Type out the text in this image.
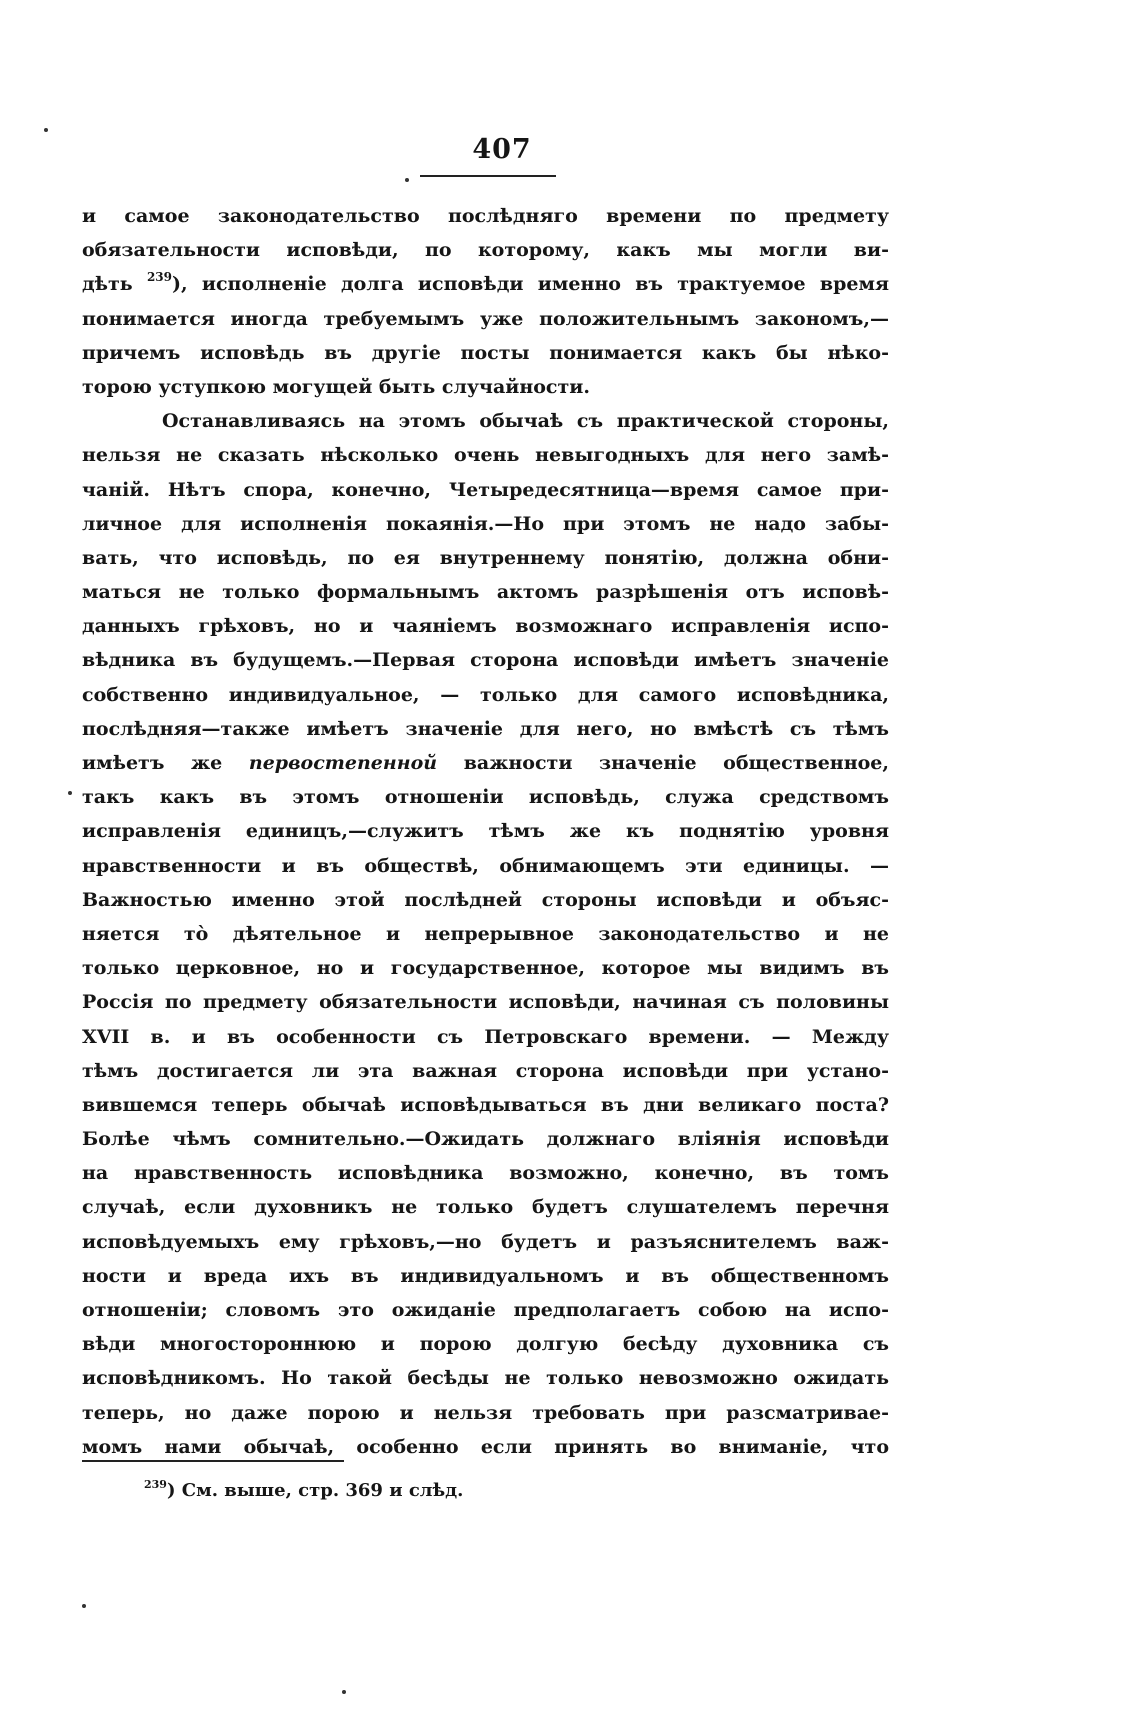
407
и самое законодательство послѣдняго времени по предмету
обязательности исповѣди, по которому, какъ мы могли ви-
дѣть $^{239}$), исполненіе долга исповѣди именно въ трактуемое время
понимается иногда требуемымъ уже положительнымъ закономъ,—
причемъ исповѣдь въ другіе посты понимается какъ бы нѣко-
торою уступкою могущей быть случайности.
Останавливаясь на этомъ обычаѣ съ практической стороны,
нельзя не сказать нѣсколько очень невыгодныхъ для него замѣ-
чаній. Нѣтъ спора, конечно, Четыредесятница—время самое при-
личное для исполненія покаянія.—Но при этомъ не надо забы-
вать, что исповѣдь, по ея внутреннему понятію, должна обни-
маться не только формальнымъ актомъ разрѣшенія отъ исповѣ-
данныхъ грѣховъ, но и чаяніемъ возможнаго исправленія испо-
вѣдника въ будущемъ.—Первая сторона исповѣди имѣетъ значеніе
собственно индивидуальное, — только для самого исповѣдника,
послѣдняя—также имѣетъ значеніе для него, но вмѣстѣ съ тѣмъ
имѣетъ же первостепенной важности значеніе общественное,
такъ какъ въ этомъ отношеніи исповѣдь, служа средствомъ
исправленія единицъ,—служитъ тѣмъ же къ поднятію уровня
нравственности и въ обществѣ, обнимающемъ эти единицы. —
Важностью именно этой послѣдней стороны исповѣди и объяс-
няется тò дѣятельное и непрерывное законодательство и не
только церковное, но и государственное, которое мы видимъ въ
Россія по предмету обязательности исповѣди, начиная съ половины
XVII в. и въ особенности съ Петровскаго времени. — Между
тѣмъ достигается ли эта важная сторона исповѣди при устано-
вившемся теперь обычаѣ исповѣдываться въ дни великаго поста?
Болѣе чѣмъ сомнительно.—Ожидать должнаго вліянія исповѣди
на нравственность исповѣдника возможно, конечно, въ томъ
случаѣ, если духовникъ не только будетъ слушателемъ перечня
исповѣдуемыхъ ему грѣховъ,—но будетъ и разъяснителемъ важ-
ности и вреда ихъ въ индивидуальномъ и въ общественномъ
отношеніи; словомъ это ожиданіе предполагаетъ собою на испо-
вѣди многостороннюю и порою долгую бесѣду духовника съ
исповѣдникомъ. Но такой бесѣды не только невозможно ожидать
теперь, но даже порою и нельзя требовать при разсматривае-
момъ нами обычаѣ, особенно если принять во вниманіе, что
$^{239}$) См. выше, стр. 369 и слѣд.
